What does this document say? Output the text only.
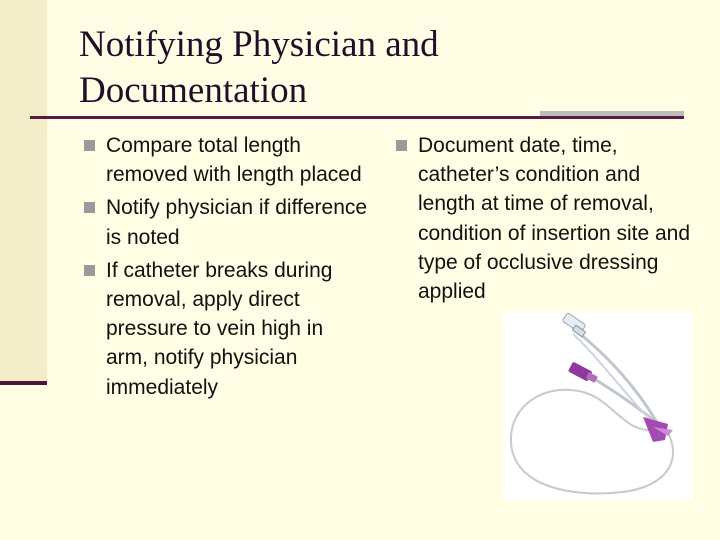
Notifying Physician and
Documentation
Compare total length removed with length placed
Notify physician if difference is noted
If catheter breaks during removal, apply direct pressure to vein high in arm, notify physician immediately
Document date, time, catheter’s condition and length at time of removal, condition of insertion site and type of occlusive dressing applied
